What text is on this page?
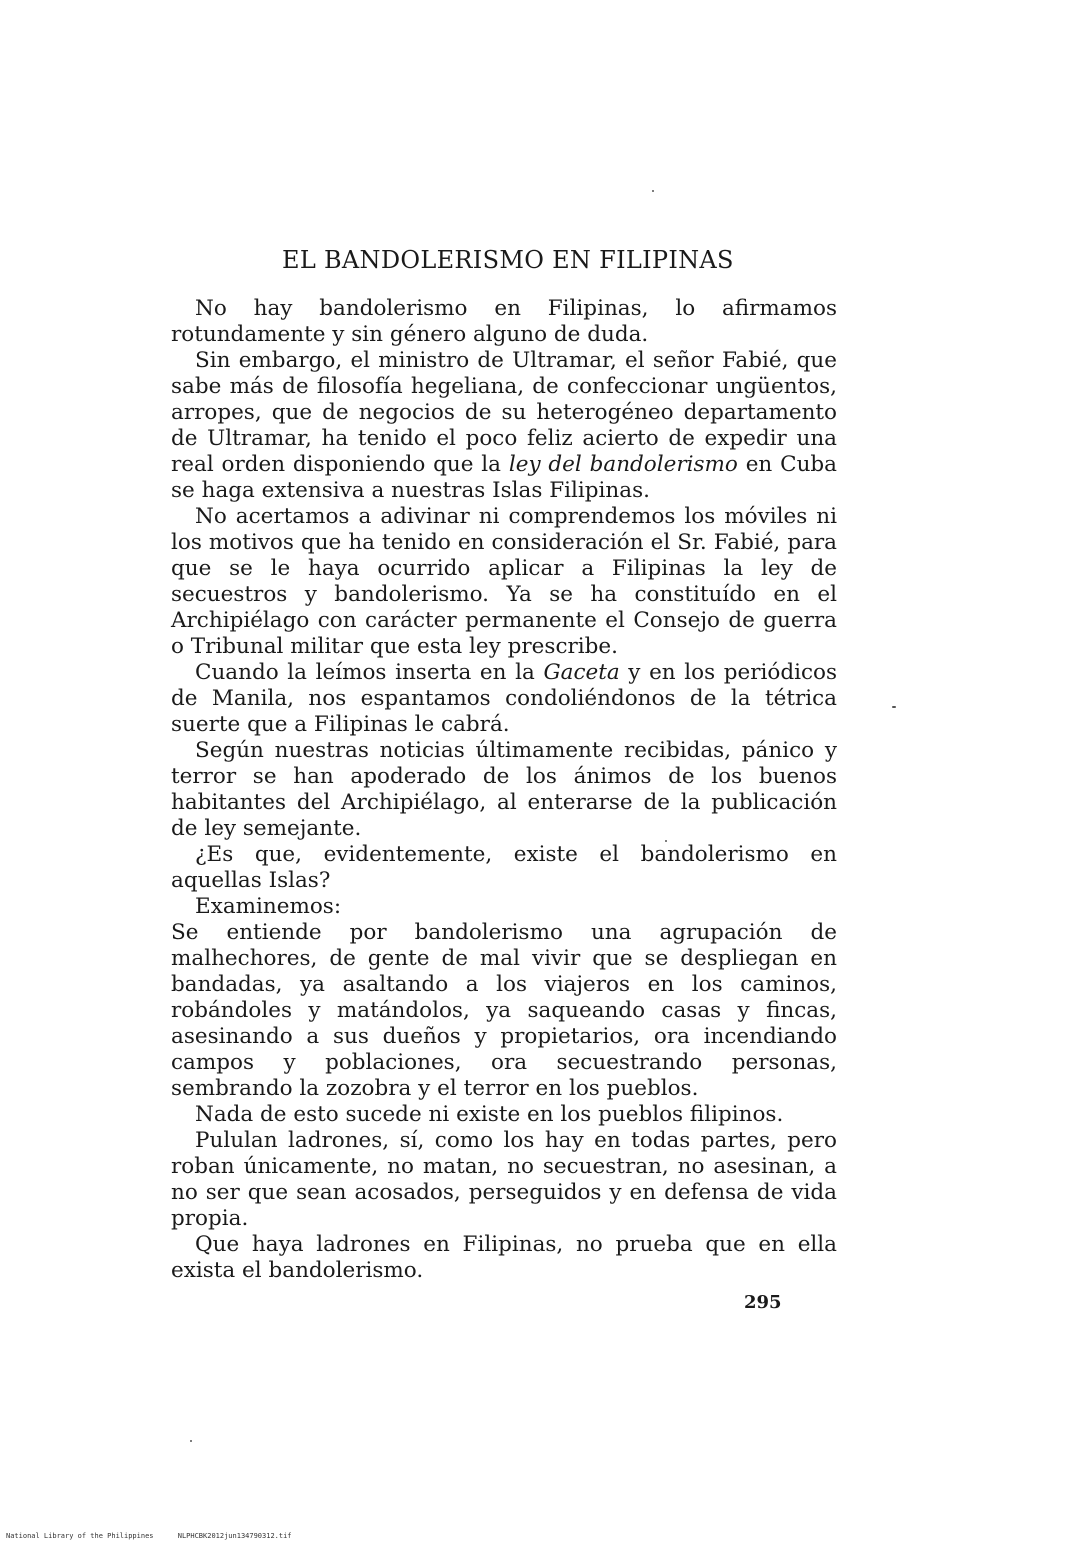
EL BANDOLERISMO EN FILIPINAS

No hay bandolerismo en Filipinas, lo afirmamos rotundamente y sin género alguno de duda.

Sin embargo, el ministro de Ultramar, el señor Fabié, que sabe más de filosofía hegeliana, de confeccionar ungüentos, arropes, que de negocios de su heterogéneo departamento de Ultramar, ha tenido el poco feliz acierto de expedir una real orden disponiendo que la ley del bandolerismo en Cuba se haga extensiva a nuestras Islas Filipinas.

No acertamos a adivinar ni comprendemos los móviles ni los motivos que ha tenido en consideración el Sr. Fabié, para que se le haya ocurrido aplicar a Filipinas la ley de secuestros y bandolerismo. Ya se ha constituído en el Archipiélago con carácter permanente el Consejo de guerra o Tribunal militar que esta ley prescribe.

Cuando la leímos inserta en la Gaceta y en los periódicos de Manila, nos espantamos condoliéndonos de la tétrica suerte que a Filipinas le cabrá.

Según nuestras noticias últimamente recibidas, pánico y terror se han apoderado de los ánimos de los buenos habitantes del Archipiélago, al enterarse de la publicación de ley semejante.

¿Es que, evidentemente, existe el bandolerismo en aquellas Islas?

Examinemos:

Se entiende por bandolerismo una agrupación de malhechores, de gente de mal vivir que se despliegan en bandadas, ya asaltando a los viajeros en los caminos, robándoles y matándolos, ya saqueando casas y fincas, asesinando a sus dueños y propietarios, ora incendiando campos y poblaciones, ora secuestrando personas, sembrando la zozobra y el terror en los pueblos.

Nada de esto sucede ni existe en los pueblos filipinos.

Pululan ladrones, sí, como los hay en todas partes, pero roban únicamente, no matan, no secuestran, no asesinan, a no ser que sean acosados, perseguidos y en defensa de vida propia.

Que haya ladrones en Filipinas, no prueba que en ella exista el bandolerismo.

295
National Library of the Philippines	NLPHCBK2012jun134790312.tif
